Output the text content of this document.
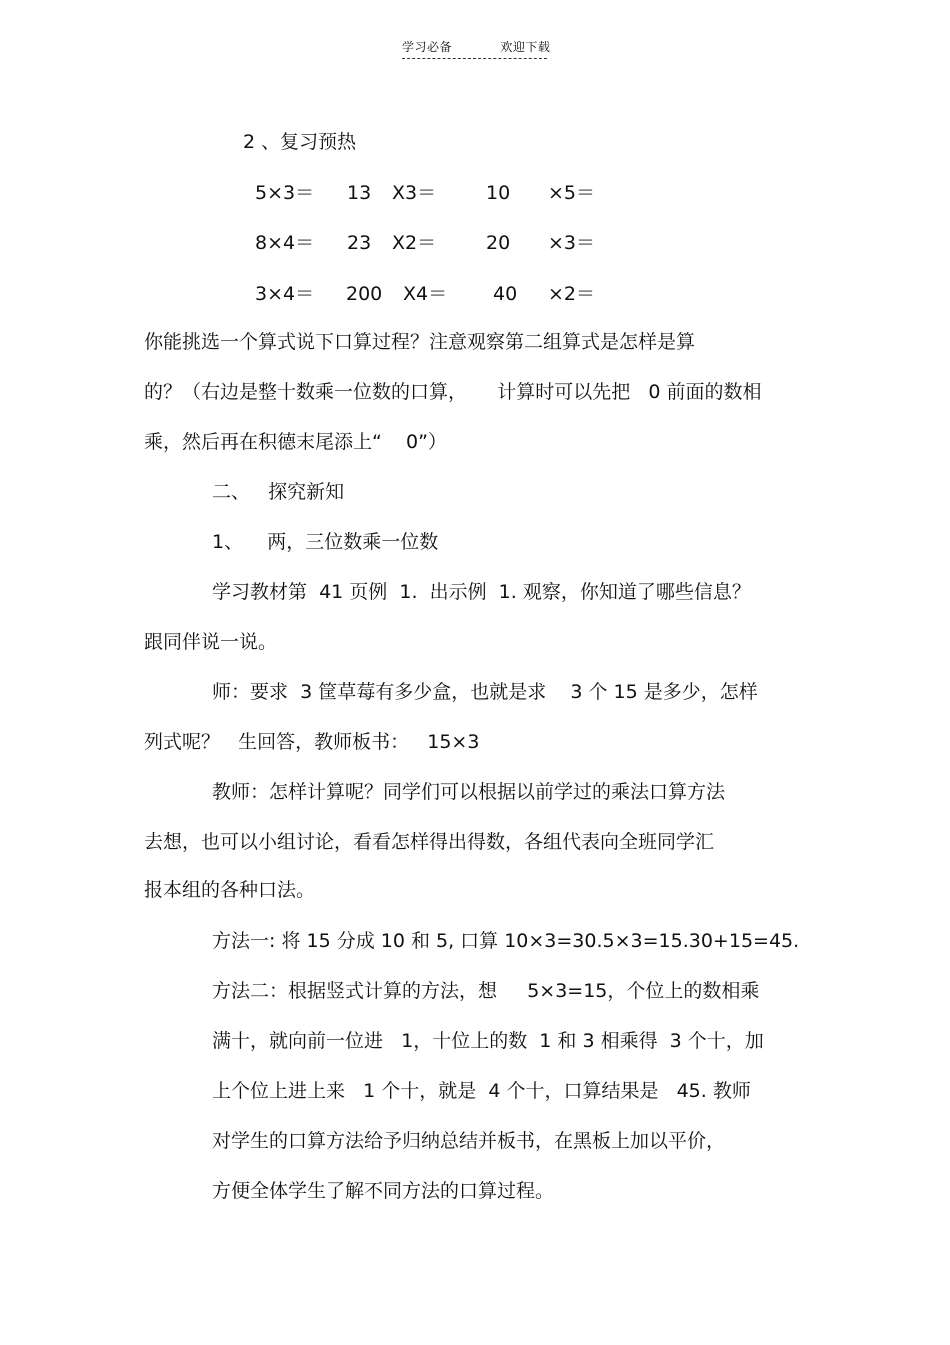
学习必备	欢迎下载
2 、复习预热
5×3＝ 13 Ⅹ3＝	10 ×5＝
8×4＝ 23 Ⅹ2＝	20 ×3＝
3×4＝ 200 Ⅹ4＝ 40 ×2＝
你能挑选一个算式说下口算过程？注意观察第二组算式是怎样是算
的？（右边是整十数乘一位数的口算，     计算时可以先把   0 前面的数相
乘，然后再在积德末尾添上“    0”）
二、   探究新知
1、    两，三位数乘一位数
学习教材第  41 页例  1.  出示例  1. 观察，你知道了哪些信息？
跟同伴说一说。
师：要求  3 筐草莓有多少盒，也就是求    3 个 15 是多少，怎样
列式呢？   生回答，教师板书：   15×3
教师：怎样计算呢？同学们可以根据以前学过的乘法口算方法
去想，也可以小组讨论，看看怎样得出得数，各组代表向全班同学汇
报本组的各种口法。
方法一: 将 15 分成 10 和 5, 口算 10×3=30.5×3=15.30+15=45.
方法二：根据竖式计算的方法，想     5×3=15，个位上的数相乘
满十，就向前一位进   1，十位上的数  1 和 3 相乘得  3 个十，加
上个位上进上来   1 个十，就是  4 个十，口算结果是   45. 教师
对学生的口算方法给予归纳总结并板书，在黑板上加以平价，
方便全体学生了解不同方法的口算过程。
